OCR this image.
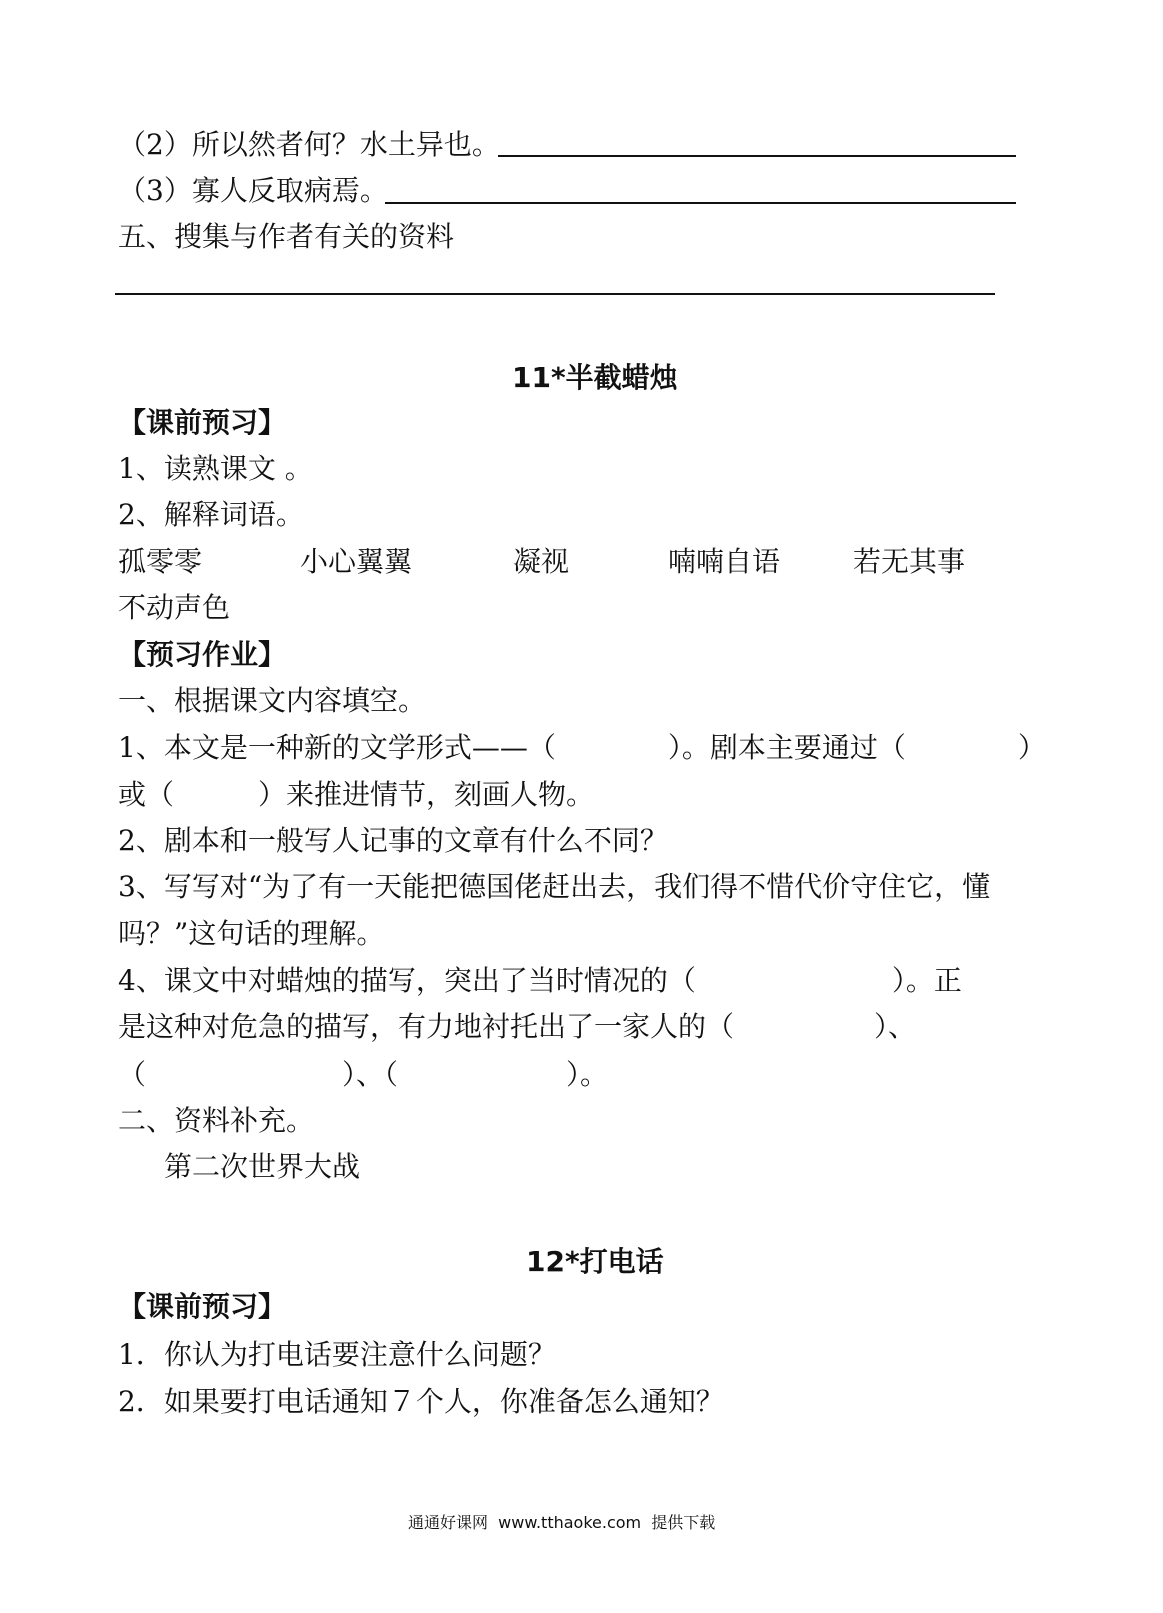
（2）所以然者何？水土异也。
（3）寡人反取病焉。
五、搜集与作者有关的资料
11*半截蜡烛
【课前预习】
1、读熟课文 。
2、解释词语。
孤零零	小心翼翼	凝视	喃喃自语	若无其事
不动声色
【预习作业】
一、根据课文内容填空。
1、本文是一种新的文学形式——（　　　　）。剧本主要通过（　　　　）
或（　　　）来推进情节，刻画人物。
2、剧本和一般写人记事的文章有什么不同？
3、写写对“为了有一天能把德国佬赶出去，我们得不惜代价守住它，懂
吗？”这句话的理解。
4、课文中对蜡烛的描写，突出了当时情况的（　　　　　　　）。正
是这种对危急的描写，有力地衬托出了一家人的（　　　　　）、
（　　　　　　　）、（　　　　　　）。
二、资料补充。
第二次世界大战
12*打电话
【课前预习】
1．你认为打电话要注意什么问题？
2．如果要打电话通知７个人，你准备怎么通知？
通通好课网  www.tthaoke.com  提供下载
